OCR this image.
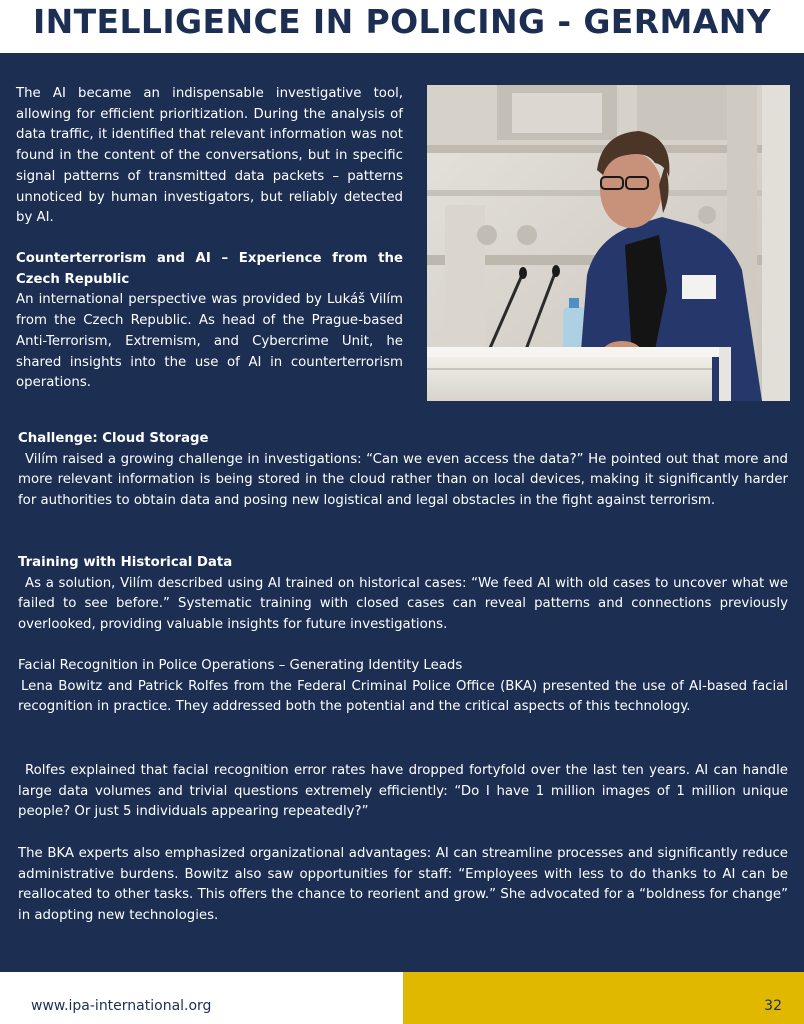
INTELLIGENCE IN POLICING - GERMANY

The AI became an indispensable investigative tool, allowing for efficient prioritization. During the analysis of data traffic, it identified that relevant information was not found in the content of the conversations, but in specific signal patterns of transmitted data packets – patterns unnoticed by human investigators, but reliably detected by AI.

Counterterrorism and AI – Experience from the Czech Republic
An international perspective was provided by Lukáš Vilím from the Czech Republic. As head of the Prague-based Anti-Terrorism, Extremism, and Cybercrime Unit, he shared insights into the use of AI in counterterrorism operations.
Challenge: Cloud Storage
Vilím raised a growing challenge in investigations: “Can we even access the data?” He pointed out that more and more relevant information is being stored in the cloud rather than on local devices, making it significantly harder for authorities to obtain data and posing new logistical and legal obstacles in the fight against terrorism.
Training with Historical Data
As a solution, Vilím described using AI trained on historical cases: “We feed AI with old cases to uncover what we failed to see before.” Systematic training with closed cases can reveal patterns and connections previously overlooked, providing valuable insights for future investigations.
Facial Recognition in Police Operations – Generating Identity Leads
Lena Bowitz and Patrick Rolfes from the Federal Criminal Police Office (BKA) presented the use of AI-based facial recognition in practice. They addressed both the potential and the critical aspects of this technology.

Rolfes explained that facial recognition error rates have dropped fortyfold over the last ten years. AI can handle large data volumes and trivial questions extremely efficiently: “Do I have 1 million images of 1 million unique people? Or just 5 individuals appearing repeatedly?”

The BKA experts also emphasized organizational advantages: AI can streamline processes and significantly reduce administrative burdens. Bowitz also saw opportunities for staff: “Employees with less to do thanks to AI can be reallocated to other tasks. This offers the chance to reorient and grow.” She advocated for a “boldness for change” in adopting new technologies.

www.ipa-international.org	32
